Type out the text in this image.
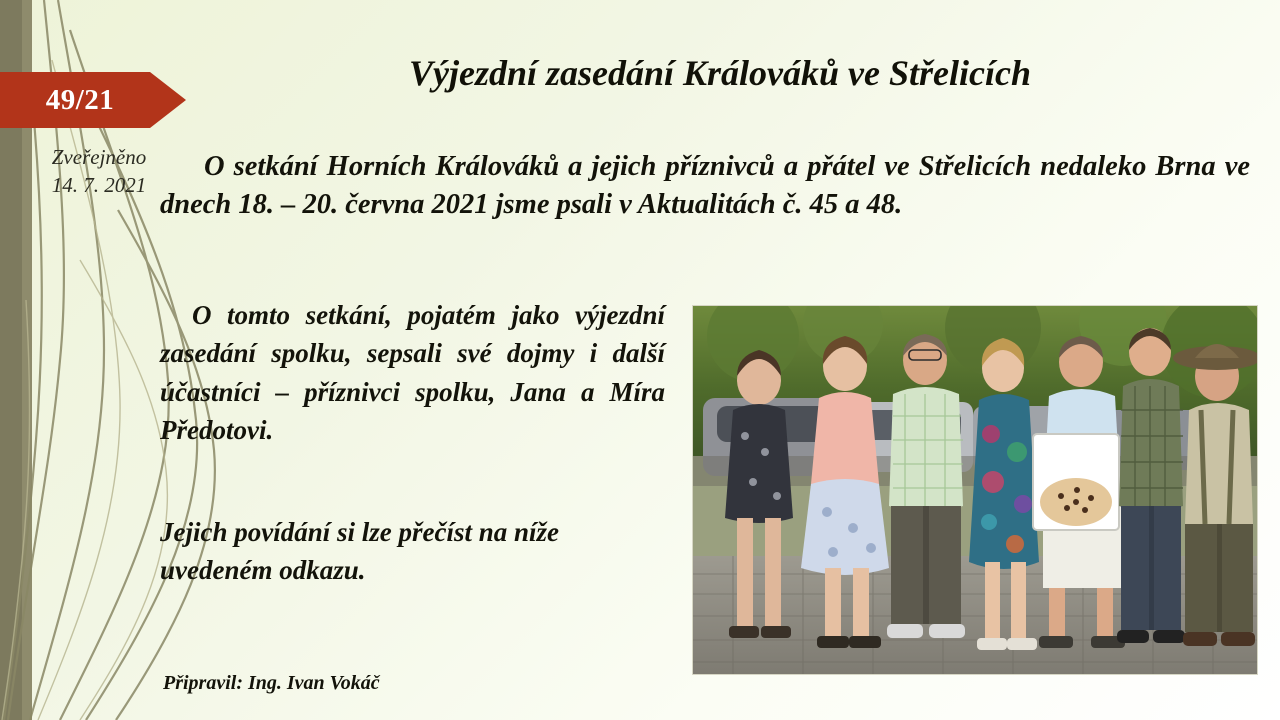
49/21
Zveřejněno
14. 7. 2021
Výjezdní zasedání Králováků ve Střelicích
O setkání Horních Králováků a jejich příznivců a přátel ve Střelicích nedaleko Brna ve dnech 18. – 20. června 2021 jsme psali v Aktualitách č. 45 a 48.
O tomto setkání, pojatém jako výjezdní zasedání spolku, sepsali své dojmy i další účastníci – příznivci spolku, Jana a Míra Předotovi.
Jejich povídání si lze přečíst na níže uvedeném odkazu.
Připravil: Ing. Ivan Vokáč
